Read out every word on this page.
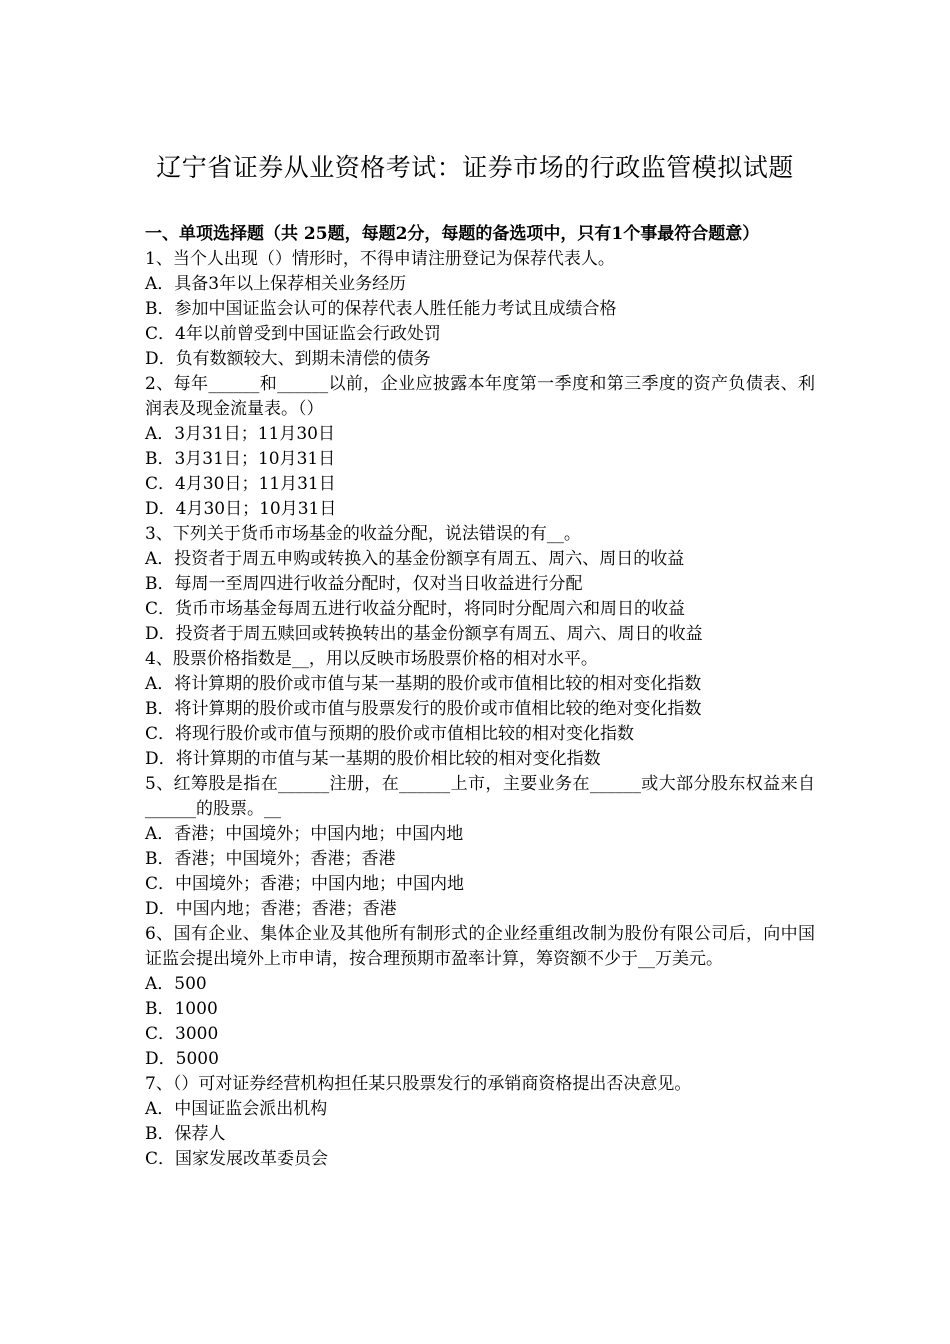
辽宁省证券从业资格考试：证券市场的行政监管模拟试题

一、单项选择题（共 25题，每题2分，每题的备选项中，只有1个事最符合题意）

1、当个人出现（）情形时，不得申请注册登记为保荐代表人。

A．具备3年以上保荐相关业务经历

B．参加中国证监会认可的保荐代表人胜任能力考试且成绩合格

C．4年以前曾受到中国证监会行政处罚

D．负有数额较大、到期未清偿的债务

2、每年______和______以前，企业应披露本年度第一季度和第三季度的资产负债表、利润表及现金流量表。（）

A．3月31日；11月30日

B．3月31日；10月31日

C．4月30日；11月31日

D．4月30日；10月31日

3、下列关于货币市场基金的收益分配，说法错误的有__。

A．投资者于周五申购或转换入的基金份额享有周五、周六、周日的收益

B．每周一至周四进行收益分配时，仅对当日收益进行分配

C．货币市场基金每周五进行收益分配时，将同时分配周六和周日的收益

D．投资者于周五赎回或转换转出的基金份额享有周五、周六、周日的收益

4、股票价格指数是__，用以反映市场股票价格的相对水平。

A．将计算期的股价或市值与某一基期的股价或市值相比较的相对变化指数

B．将计算期的股价或市值与股票发行的股价或市值相比较的绝对变化指数

C．将现行股价或市值与预期的股价或市值相比较的相对变化指数

D．将计算期的市值与某一基期的股价相比较的相对变化指数

5、红筹股是指在______注册，在______上市，主要业务在______或大部分股东权益来自______的股票。__

A．香港；中国境外；中国内地；中国内地

B．香港；中国境外；香港；香港

C．中国境外；香港；中国内地；中国内地

D．中国内地；香港；香港；香港

6、国有企业、集体企业及其他所有制形式的企业经重组改制为股份有限公司后，向中国证监会提出境外上市申请，按合理预期市盈率计算，筹资额不少于__万美元。

A．500

B．1000

C．3000

D．5000

7、（）可对证券经营机构担任某只股票发行的承销商资格提出否决意见。

A．中国证监会派出机构

B．保荐人

C．国家发展改革委员会
